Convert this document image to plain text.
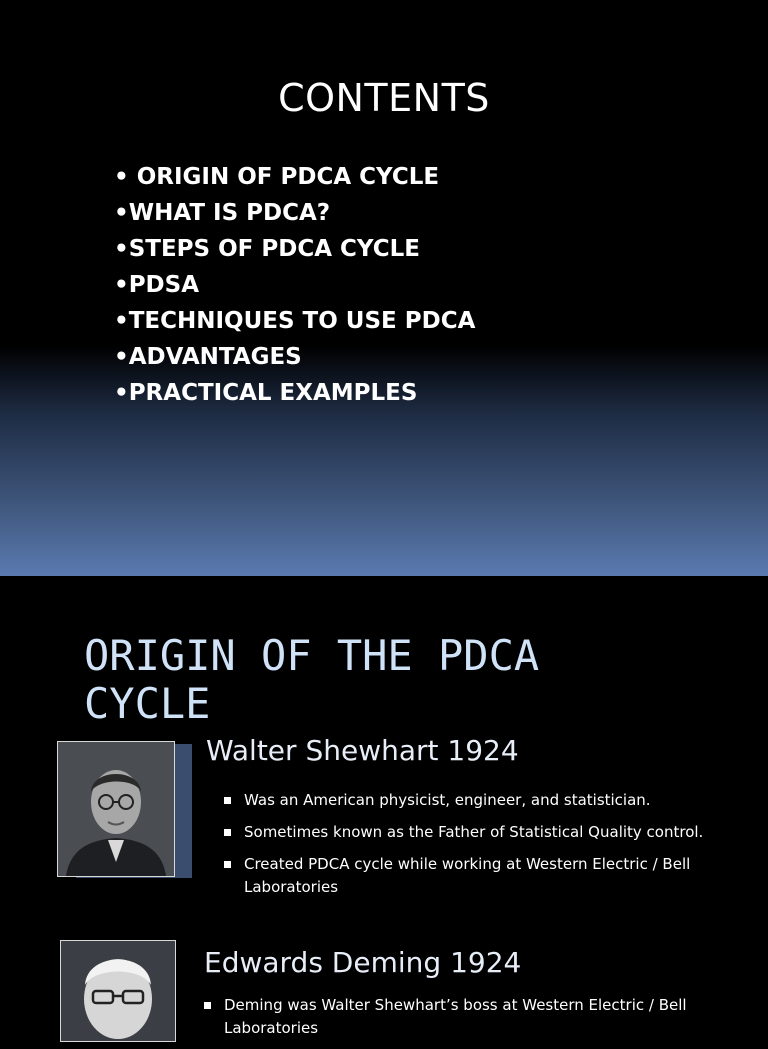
CONTENTS
• ORIGIN OF PDCA CYCLE
•WHAT IS PDCA?
•STEPS OF PDCA CYCLE
•PDSA
•TECHNIQUES TO USE PDCA
•ADVANTAGES
•PRACTICAL EXAMPLES
ORIGIN OF THE PDCA
CYCLE
Walter Shewhart 1924
Was an American physicist, engineer, and statistician.
Sometimes known as the Father of Statistical Quality control.
Created PDCA cycle while working at Western Electric / Bell Laboratories
Edwards Deming 1924
Deming was Walter Shewhart’s boss at Western Electric / Bell Laboratories
